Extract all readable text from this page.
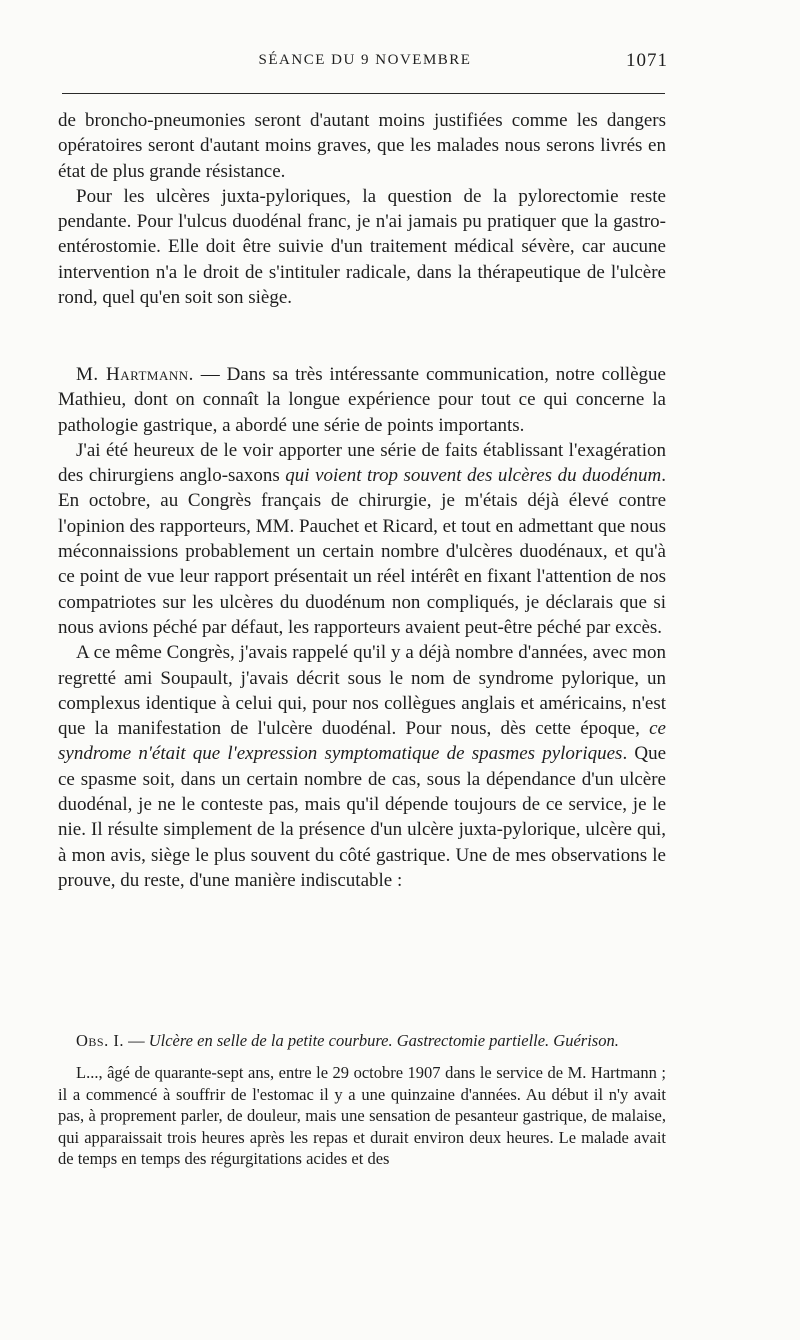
SÉANCE DU 9 NOVEMBRE	1071

de broncho-pneumonies seront d'autant moins justifiées comme les dangers opératoires seront d'autant moins graves, que les malades nous serons livrés en état de plus grande résistance.

Pour les ulcères juxta-pyloriques, la question de la pylorectomie reste pendante. Pour l'ulcus duodénal franc, je n'ai jamais pu pratiquer que la gastro-entérostomie. Elle doit être suivie d'un traitement médical sévère, car aucune intervention n'a le droit de s'intituler radicale, dans la thérapeutique de l'ulcère rond, quel qu'en soit son siège.

M. Hartmann. — Dans sa très intéressante communication, notre collègue Mathieu, dont on connaît la longue expérience pour tout ce qui concerne la pathologie gastrique, a abordé une série de points importants.

J'ai été heureux de le voir apporter une série de faits établissant l'exagération des chirurgiens anglo-saxons qui voient trop souvent des ulcères du duodénum. En octobre, au Congrès français de chirurgie, je m'étais déjà élevé contre l'opinion des rapporteurs, MM. Pauchet et Ricard, et tout en admettant que nous méconnaissions probablement un certain nombre d'ulcères duodénaux, et qu'à ce point de vue leur rapport présentait un réel intérêt en fixant l'attention de nos compatriotes sur les ulcères du duodénum non compliqués, je déclarais que si nous avions péché par défaut, les rapporteurs avaient peut-être péché par excès.

A ce même Congrès, j'avais rappelé qu'il y a déjà nombre d'années, avec mon regretté ami Soupault, j'avais décrit sous le nom de syndrome pylorique, un complexus identique à celui qui, pour nos collègues anglais et américains, n'est que la manifestation de l'ulcère duodénal. Pour nous, dès cette époque, ce syndrome n'était que l'expression symptomatique de spasmes pyloriques. Que ce spasme soit, dans un certain nombre de cas, sous la dépendance d'un ulcère duodénal, je ne le conteste pas, mais qu'il dépende toujours de ce service, je le nie. Il résulte simplement de la présence d'un ulcère juxta-pylorique, ulcère qui, à mon avis, siège le plus souvent du côté gastrique. Une de mes observations le prouve, du reste, d'une manière indiscutable :

Obs. I. — Ulcère en selle de la petite courbure. Gastrectomie partielle. Guérison.

L..., âgé de quarante-sept ans, entre le 29 octobre 1907 dans le service de M. Hartmann ; il a commencé à souffrir de l'estomac il y a une quinzaine d'années. Au début il n'y avait pas, à proprement parler, de douleur, mais une sensation de pesanteur gastrique, de malaise, qui apparaissait trois heures après les repas et durait environ deux heures. Le malade avait de temps en temps des régurgitations acides et des
